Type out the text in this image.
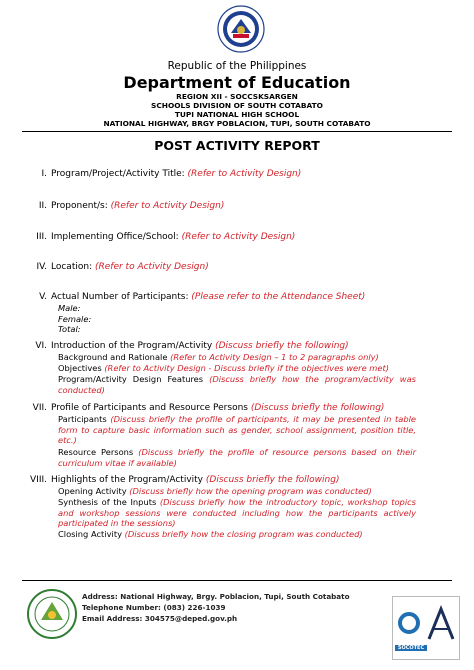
Republic of the Philippines
Department of Education
REGION XII - SOCCSKSARGEN
SCHOOLS DIVISION OF SOUTH COTABATO
TUPI NATIONAL HIGH SCHOOL
NATIONAL HIGHWAY, BRGY POBLACION, TUPI, SOUTH COTABATO
POST ACTIVITY REPORT
I. Program/Project/Activity Title: (Refer to Activity Design)
II. Proponent/s: (Refer to Activity Design)
III. Implementing Office/School: (Refer to Activity Design)
IV. Location: (Refer to Activity Design)
V. Actual Number of Participants: (Please refer to the Attendance Sheet)
Male:
Female:
Total:
VI. Introduction of the Program/Activity (Discuss briefly the following)
Background and Rationale (Refer to Activity Design – 1 to 2 paragraphs only)
Objectives (Refer to Activity Design - Discuss briefly if the objectives were met)
Program/Activity Design Features (Discuss briefly how the program/activity was conducted)
VII. Profile of Participants and Resource Persons (Discuss briefly the following)
Participants (Discuss briefly the profile of participants, it may be presented in table form to capture basic information such as gender, school assignment, position title, etc.)
Resource Persons (Discuss briefly the profile of resource persons based on their curriculum vitae if available)
VIII. Highlights of the Program/Activity (Discuss briefly the following)
Opening Activity (Discuss briefly how the opening program was conducted)
Synthesis of the Inputs (Discuss briefly how the introductory topic, workshop topics and workshop sessions were conducted including how the participants actively participated in the sessions)
Closing Activity (Discuss briefly how the closing program was conducted)
Address: National Highway, Brgy. Poblacion, Tupi, South Cotabato
Telephone Number: (083) 226-1039
Email Address: 304575@deped.gov.ph
SOCOTEC
